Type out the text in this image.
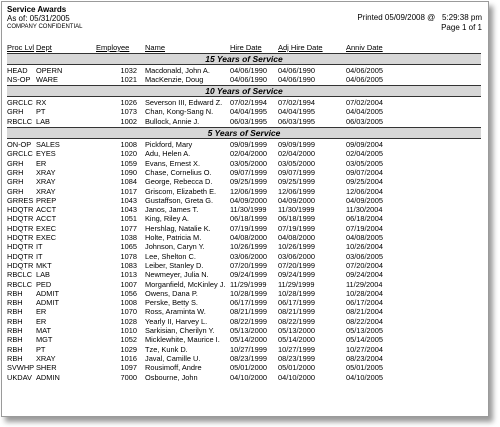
Service Awards
As of: 05/31/2005
COMPANY CONFIDENTIAL
Printed 05/09/2008 @   5:29:38 pm
Page 1 of 1
Proc Lvl Dept	Employee Name	Hire Date Adj Hire Date	Anniv Date
15 Years of Service
HEAD OPERN	1032 Macdonald, John A.	04/06/1990 04/06/1990	04/06/2005
NS-OP WARE	1021 MacKenzie, Doug	04/06/1990 04/06/1990	04/06/2005
10 Years of Service
GRCLC RX	1026 Severson III, Edward Z. 07/02/1994 07/02/1994	07/02/2004
GRH PT	1073 Chan, Kong-Sang N. 04/04/1995 04/04/1995	04/04/2005
RBCLC LAB	1002 Bullock, Annie J.	06/03/1995 06/03/1995	06/03/2005
5 Years of Service
ON-OP SALES	1008 Pickford, Mary	09/09/1999 09/09/1999	09/09/2004
GRCLC EYES	1020 Adu, Helen A.	02/04/2000 02/04/2000	02/04/2005
GRH ER	1059 Evans, Ernest X.	03/05/2000 03/05/2000	03/05/2005
GRH XRAY	1090 Chase, Cornelius O. 09/07/1999 09/07/1999	09/07/2004
GRH XRAY	1084 George, Rebecca D. 09/25/1999 09/25/1999	09/25/2004
GRH XRAY	1017 Griscom, Elizabeth E. 12/06/1999 12/06/1999	12/06/2004
GRRES PREP	1043 Gustaffson, Greta G. 04/09/2000 04/09/2000	04/09/2005
HDQTR ACCT	1043 Janos, James T.	11/30/1999 11/30/1999	11/30/2004
HDQTR ACCT	1051 King, Riley A.	06/18/1999 06/18/1999	06/18/2004
HDQTR EXEC	1077 Hershlag, Natalie K.	07/19/1999 07/19/1999	07/19/2004
HDQTR EXEC	1038 Holte, Patricia M.	04/08/2000 04/08/2000	04/08/2005
HDQTR IT	1065 Johnson, Caryn Y.	10/26/1999 10/26/1999	10/26/2004
HDQTR IT	1078 Lee, Shelton C.	03/06/2000 03/06/2000	03/06/2005
HDQTR MKT	1083 Leiber, Stanley D.	07/20/1999 07/20/1999	07/20/2004
RBCLC LAB	1013 Newmeyer, Julia N.	09/24/1999 09/24/1999	09/24/2004
RBCLC PED	1007 Morganfield, McKinley J. 11/29/1999 11/29/1999	11/29/2004
RBH ADMIT	1056 Owens, Dana P.	10/28/1999 10/28/1999	10/28/2004
RBH ADMIT	1008 Perske, Betty S.	06/17/1999 06/17/1999	06/17/2004
RBH ER	1070 Ross, Araminta W.	08/21/1999 08/21/1999	08/21/2004
RBH ER	1028 Yearly II, Harvey L.	08/22/1999 08/22/1999	08/22/2004
RBH MAT	1010 Sarkisian, Cherilyn Y. 05/13/2000 05/13/2000	05/13/2005
RBH MGT	1052 Micklewhite, Maurice I. 05/14/2000 05/14/2000	05/14/2005
RBH PT	1029 Tze, Kunk D.	10/27/1999 10/27/1999	10/27/2004
RBH XRAY	1016 Javal, Camille U.	08/23/1999 08/23/1999	08/23/2004
SVWHP SHER	1097 Rousimoff, Andre	05/01/2000 05/01/2000	05/01/2005
UKDAV ADMIN	7000 Osbourne, John	04/10/2000 04/10/2000	04/10/2005
